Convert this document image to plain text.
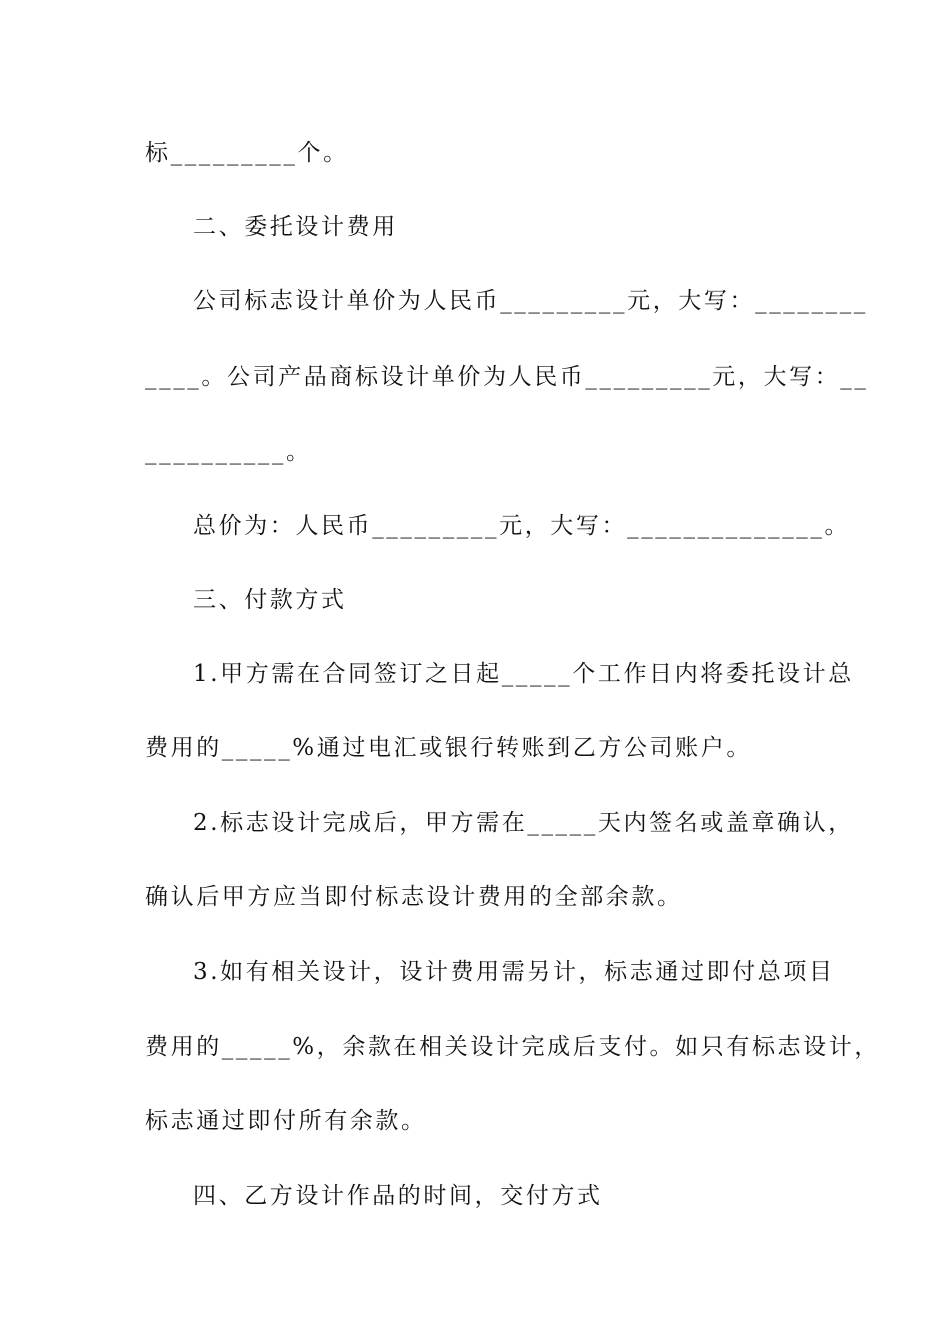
标_________个。
二、委托设计费用
公司标志设计单价为人民币_________元，大写：________
____。公司产品商标设计单价为人民币_________元，大写：__
__________。
总价为：人民币_________元，大写：______________。
三、付款方式
1.甲方需在合同签订之日起_____个工作日内将委托设计总
费用的_____%通过电汇或银行转账到乙方公司账户。
2.标志设计完成后，甲方需在_____天内签名或盖章确认，
确认后甲方应当即付标志设计费用的全部余款。
3.如有相关设计，设计费用需另计，标志通过即付总项目
费用的_____%，余款在相关设计完成后支付。如只有标志设计，
标志通过即付所有余款。
四、乙方设计作品的时间，交付方式
